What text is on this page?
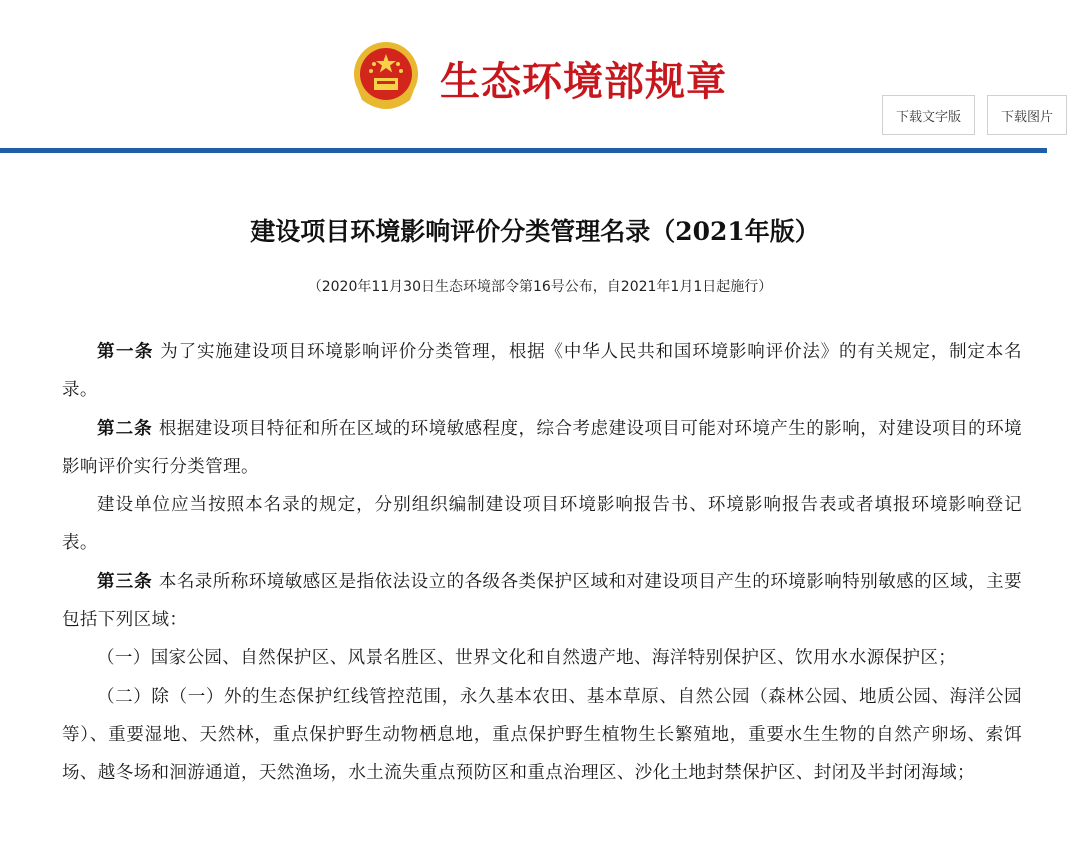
生态环境部规章
下载文字版	下载图片
建设项目环境影响评价分类管理名录（2021年版）
（2020年11月30日生态环境部令第16号公布，自2021年1月1日起施行）

第一条 为了实施建设项目环境影响评价分类管理，根据《中华人民共和国环境影响评价法》的有关规定，制定本名录。

第二条 根据建设项目特征和所在区域的环境敏感程度，综合考虑建设项目可能对环境产生的影响，对建设项目的环境影响评价实行分类管理。

建设单位应当按照本名录的规定，分别组织编制建设项目环境影响报告书、环境影响报告表或者填报环境影响登记表。

第三条 本名录所称环境敏感区是指依法设立的各级各类保护区域和对建设项目产生的环境影响特别敏感的区域，主要包括下列区域：

（一）国家公园、自然保护区、风景名胜区、世界文化和自然遗产地、海洋特别保护区、饮用水水源保护区；

（二）除（一）外的生态保护红线管控范围，永久基本农田、基本草原、自然公园（森林公园、地质公园、海洋公园等）、重要湿地、天然林，重点保护野生动物栖息地，重点保护野生植物生长繁殖地，重要水生生物的自然产卵场、索饵场、越冬场和洄游通道，天然渔场，水土流失重点预防区和重点治理区、沙化土地封禁保护区、封闭及半封闭海域；
